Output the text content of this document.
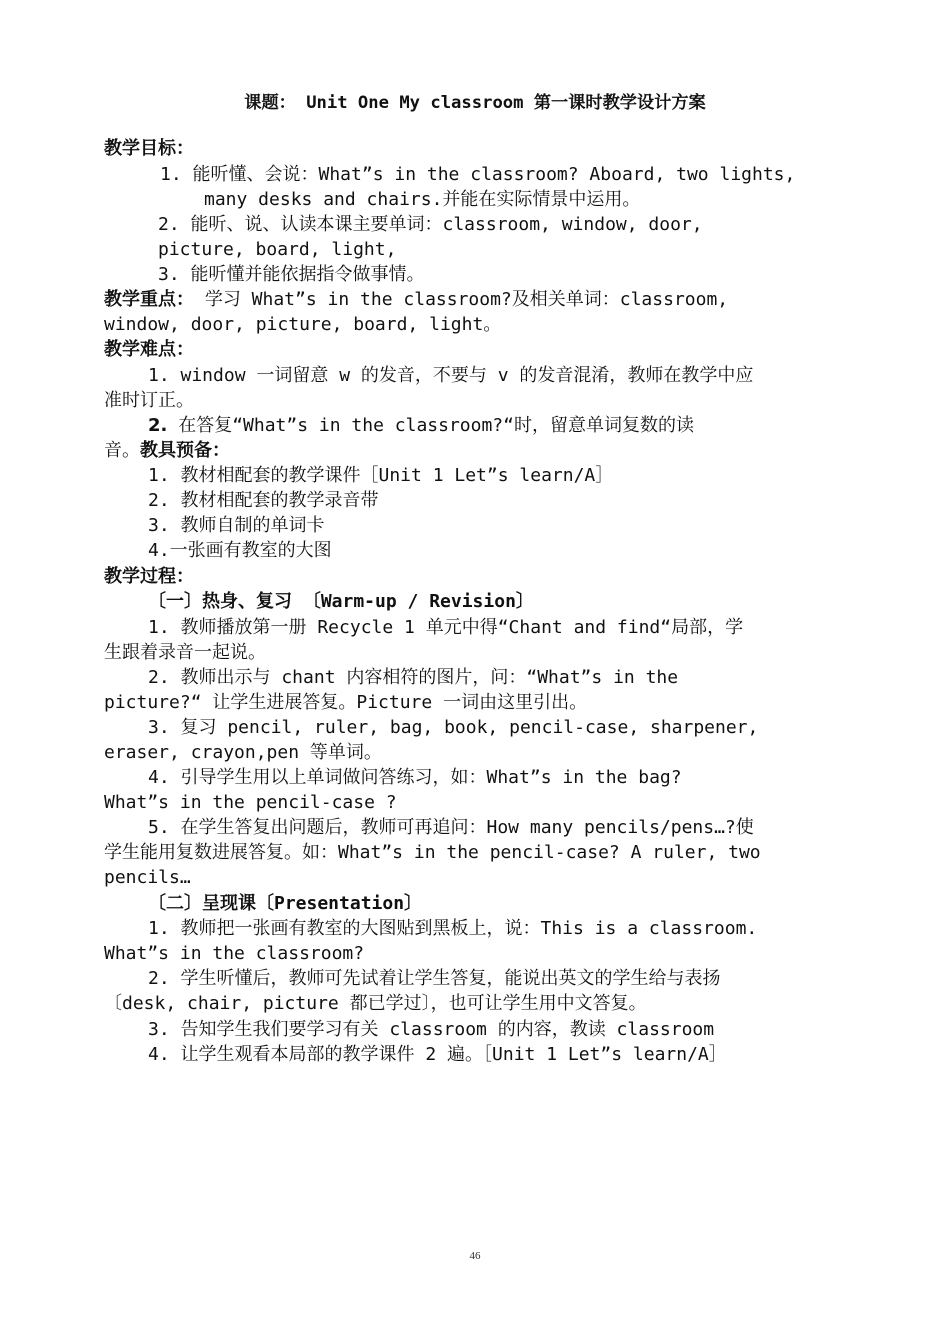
课题： Unit One My classroom 第一课时教学设计方案
教学目标：
1. 能听懂、会说：What”s in the classroom? Aboard, two lights,
many desks and chairs.并能在实际情景中运用。
2. 能听、说、认读本课主要单词：classroom, window, door,
picture, board, light,
3. 能听懂并能依据指令做事情。
教学重点： 学习 What”s in the classroom?及相关单词：classroom,
window, door, picture, board, light。
教学难点：
1. window 一词留意 w 的发音，不要与 v 的发音混淆，教师在教学中应
准时订正。
2. 在答复“What”s in the classroom?“时，留意单词复数的读
音。教具预备：
1. 教材相配套的教学课件［Unit 1 Let”s learn/A］
2. 教材相配套的教学录音带
3. 教师自制的单词卡
4.一张画有教室的大图
教学过程：
〔一〕热身、复习 〔Warm-up / Revision〕
1. 教师播放第一册 Recycle 1 单元中得“Chant and find“局部，学
生跟着录音一起说。
2. 教师出示与 chant 内容相符的图片，问：“What”s in the
picture?“ 让学生进展答复。Picture 一词由这里引出。
3. 复习 pencil, ruler, bag, book, pencil-case, sharpener,
eraser, crayon,pen 等单词。
4. 引导学生用以上单词做问答练习，如：What”s in the bag?
What”s in the pencil-case ?
5. 在学生答复出问题后，教师可再追问：How many pencils/pens…?使
学生能用复数进展答复。如：What”s in the pencil-case? A ruler, two
pencils…
〔二〕呈现课〔Presentation〕
1. 教师把一张画有教室的大图贴到黑板上，说：This is a classroom.
What”s in the classroom?
2. 学生听懂后，教师可先试着让学生答复，能说出英文的学生给与表扬
〔desk, chair, picture 都已学过〕，也可让学生用中文答复。
3. 告知学生我们要学习有关 classroom 的内容，教读 classroom
4. 让学生观看本局部的教学课件 2 遍。［Unit 1 Let”s learn/A］
46
